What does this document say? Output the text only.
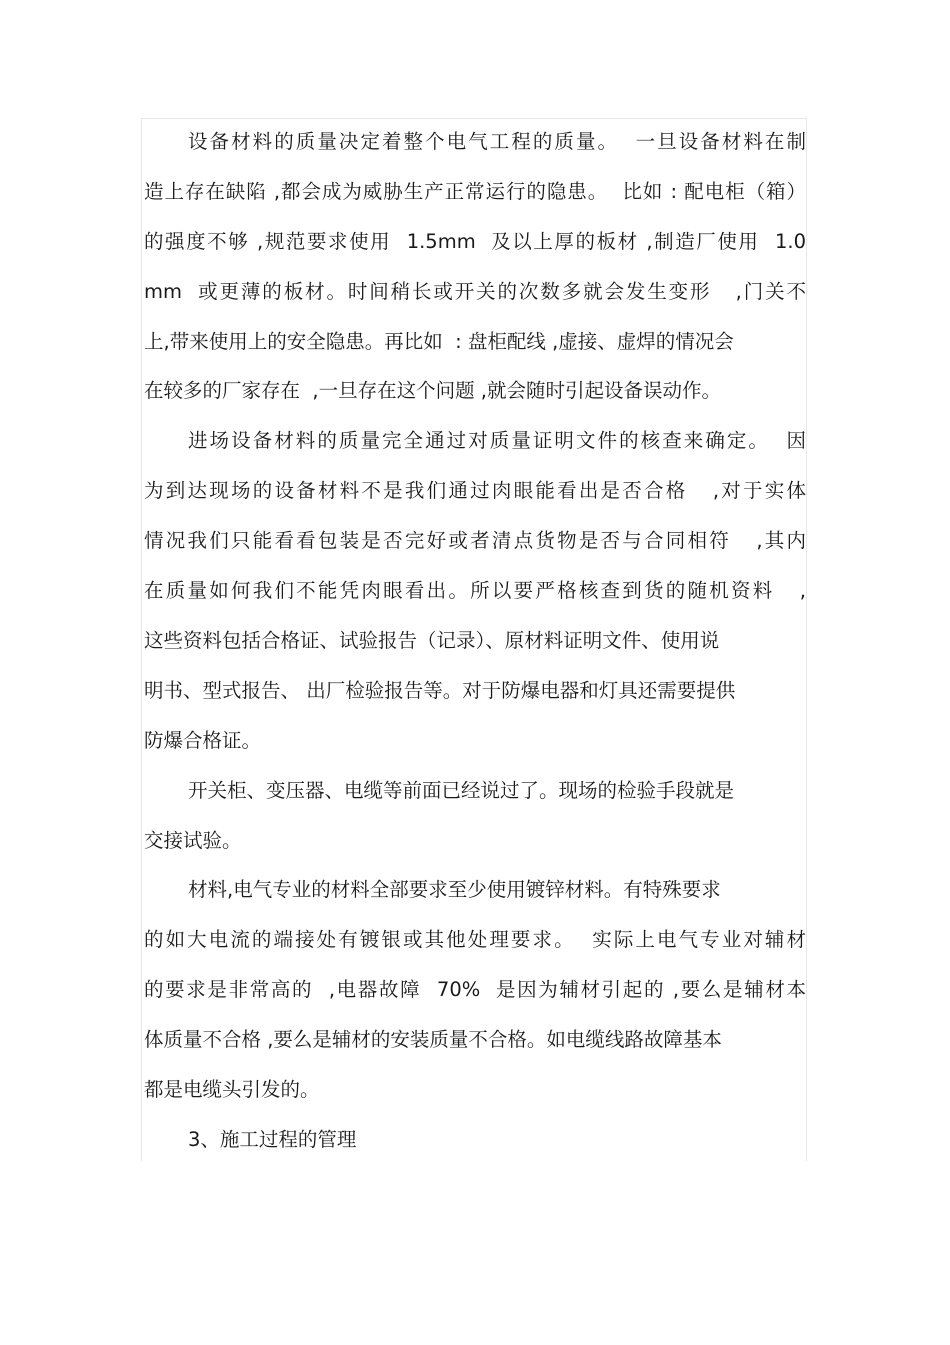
设备材料的质量决定着整个电气工程的质量。  一旦设备材料在制

造上存在缺陷 ,都会成为威胁生产正常运行的隐患。  比如 : 配电柜（箱）

的强度不够 ,规范要求使用  1.5mm  及以上厚的板材 ,制造厂使用  1.0

mm  或更薄的板材。时间稍长或开关的次数多就会发生变形   ,门关不

上,带来使用上的安全隐患。再比如  : 盘柜配线 ,虚接、虚焊的情况会

在较多的厂家存在  ,一旦存在这个问题 ,就会随时引起设备误动作。

进场设备材料的质量完全通过对质量证明文件的核查来确定。  因

为到达现场的设备材料不是我们通过肉眼能看出是否合格   ,对于实体

情况我们只能看看包装是否完好或者清点货物是否与合同相符   ,其内

在质量如何我们不能凭肉眼看出。所以要严格核查到货的随机资料   ,

这些资料包括合格证、试验报告（记录）、原材料证明文件、使用说

明书、型式报告、 出厂检验报告等。对于防爆电器和灯具还需要提供

防爆合格证。

开关柜、变压器、电缆等前面已经说过了。现场的检验手段就是

交接试验。

材料,电气专业的材料全部要求至少使用镀锌材料。有特殊要求

的如大电流的端接处有镀银或其他处理要求。  实际上电气专业对辅材

的要求是非常高的  ,电器故障  70%  是因为辅材引起的 ,要么是辅材本

体质量不合格 ,要么是辅材的安装质量不合格。如电缆线路故障基本

都是电缆头引发的。

3、施工过程的管理
